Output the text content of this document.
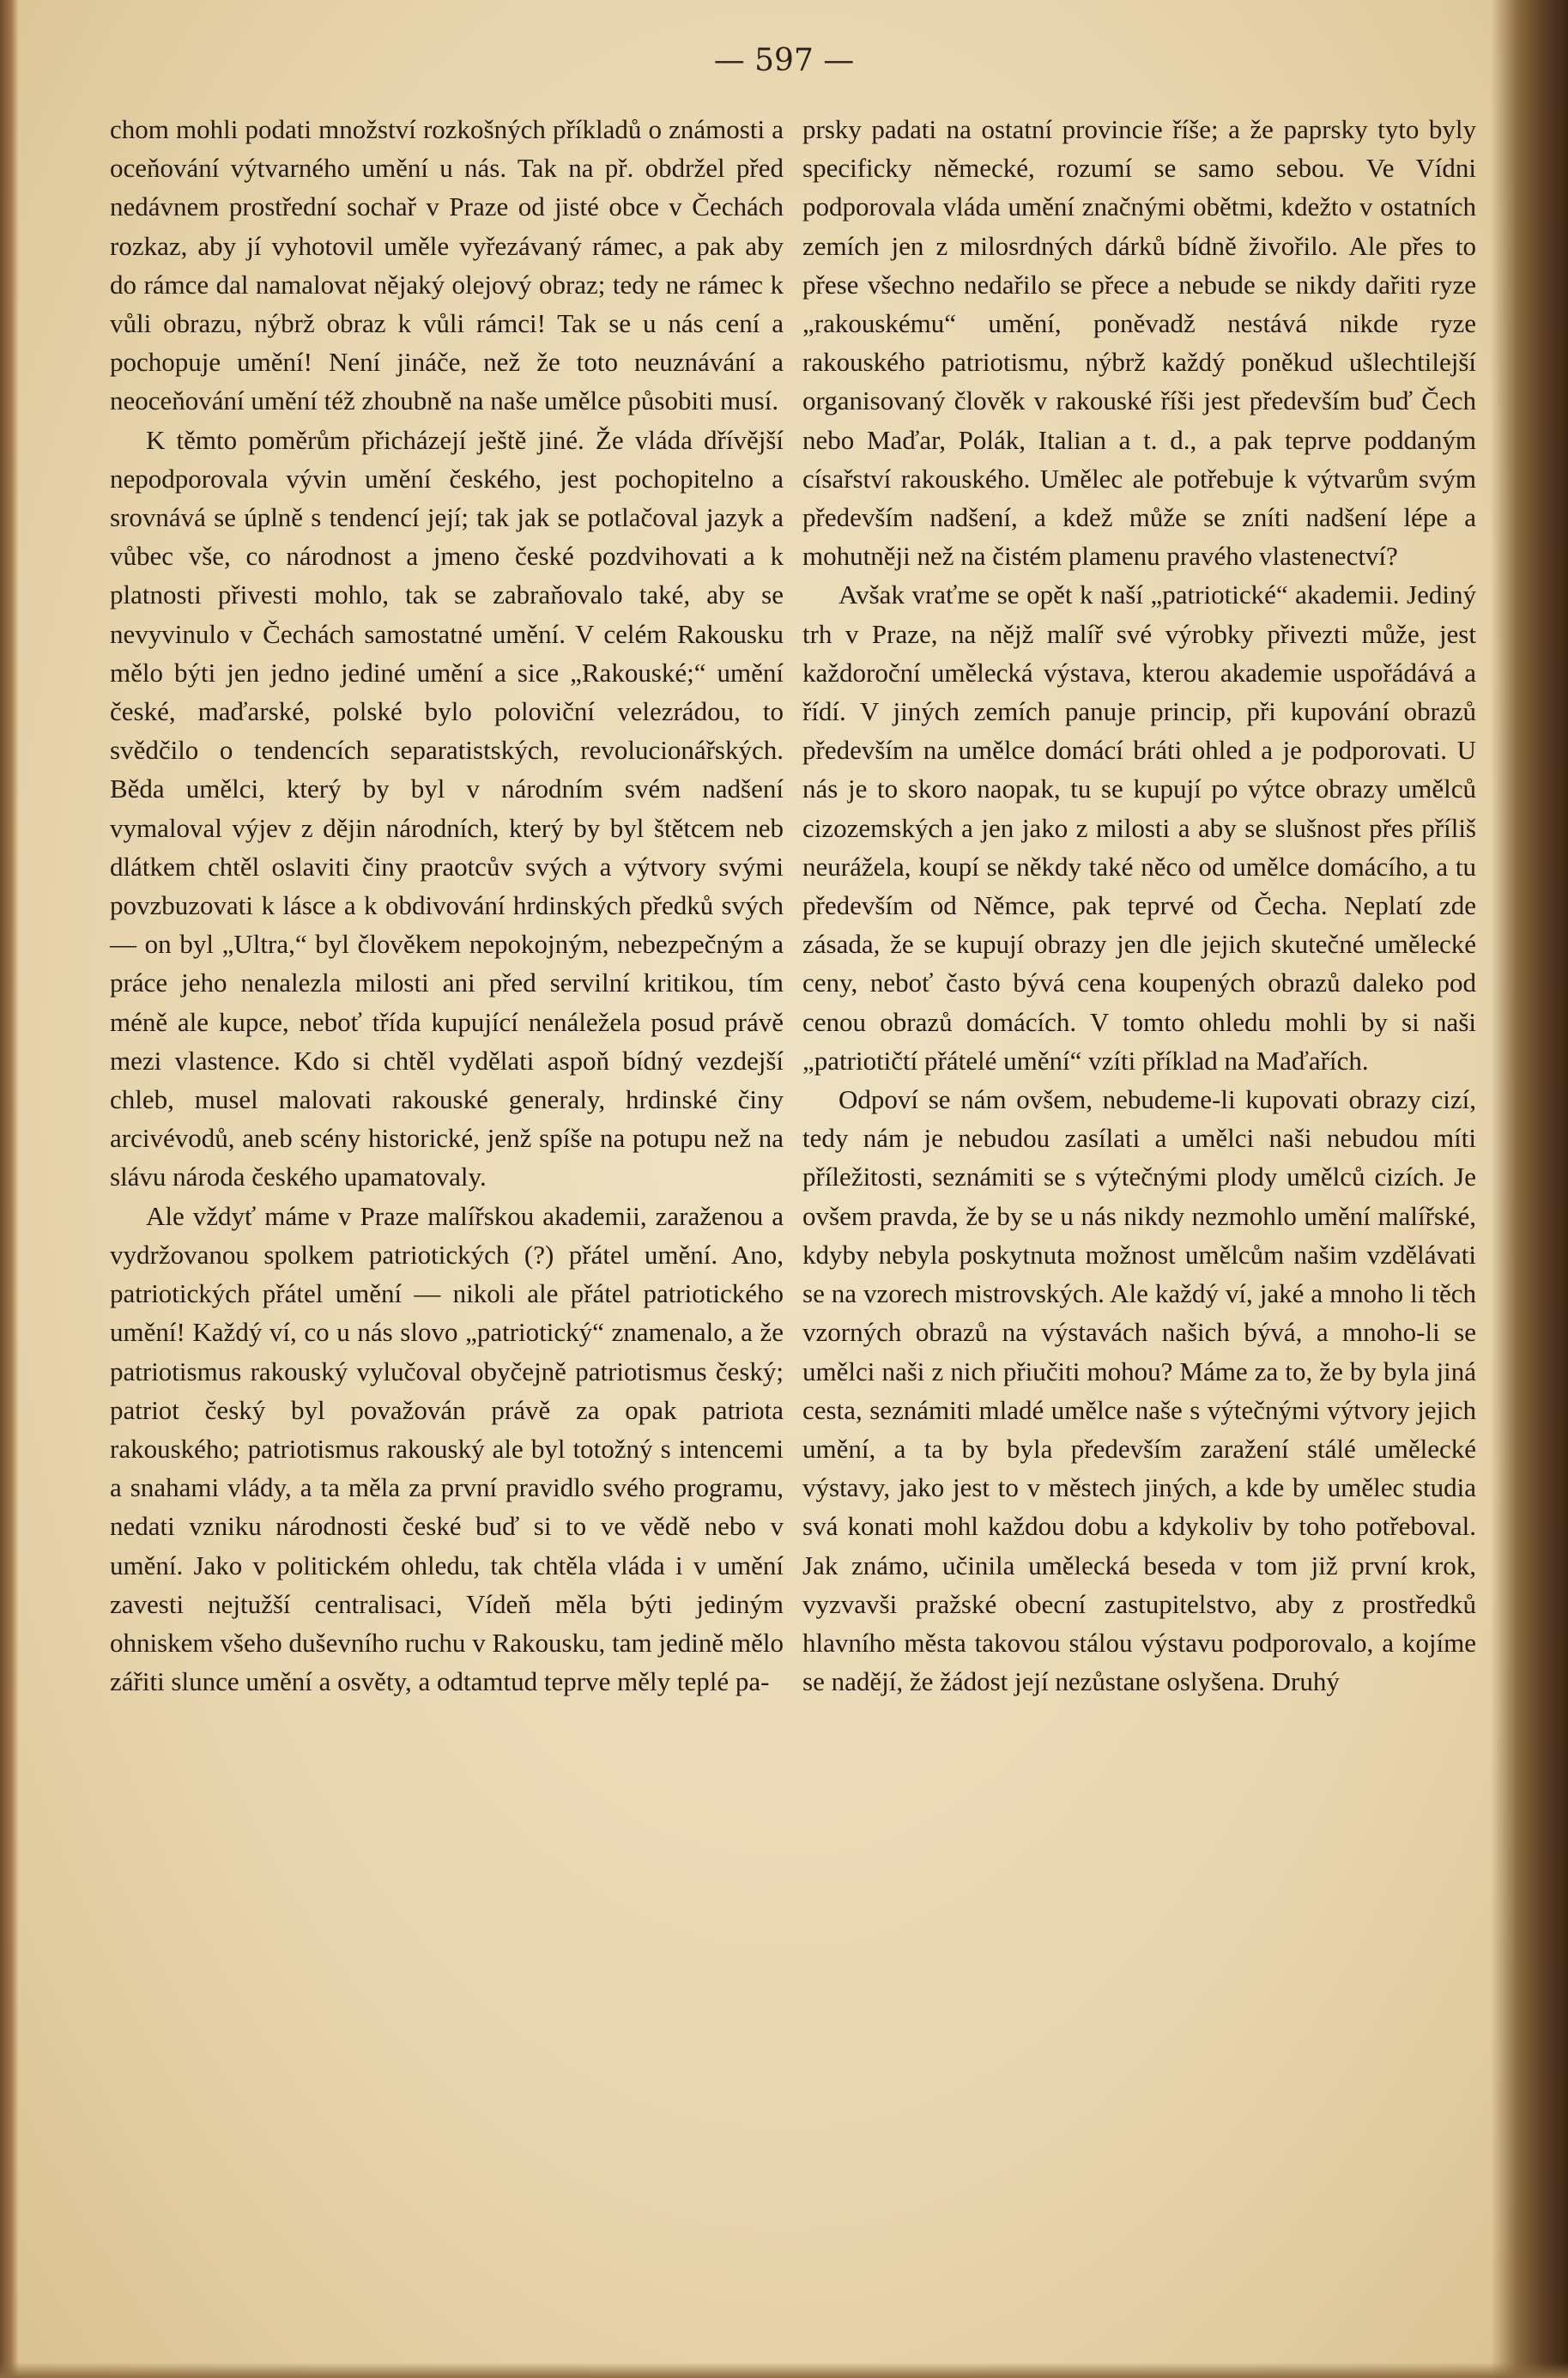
— 597 —

chom mohli podati množství rozkošných příkladů o známosti a oceňování výtvarného umění u nás. Tak na př. obdržel před nedávnem prostřední sochař v Praze od jisté obce v Čechách rozkaz, aby jí vyhotovil uměle vyřezávaný rámec, a pak aby do rámce dal namalovat nějaký olejový obraz; tedy ne rámec k vůli obrazu, nýbrž obraz k vůli rámci! Tak se u nás cení a pochopuje umění! Není jináče, než že toto neuznávání a neoceňování umění též zhoubně na naše umělce působiti musí.

K těmto poměrům přicházejí ještě jiné. Že vláda dřívější nepodporovala vývin umění českého, jest pochopitelno a srovnává se úplně s tendencí její; tak jak se potlačoval jazyk a vůbec vše, co národnost a jmeno české pozdvihovati a k platnosti přivesti mohlo, tak se zabraňovalo také, aby se nevyvinulo v Čechách samostatné umění. V celém Rakousku mělo býti jen jedno jediné umění a sice „Rakouské;“ umění české, maďarské, polské bylo poloviční velezrádou, to svědčilo o tendencích separatistských, revolucionářských. Běda umělci, který by byl v národním svém nadšení vymaloval výjev z dějin národních, který by byl štětcem neb dlátkem chtěl oslaviti činy praotcův svých a výtvory svými povzbuzovati k lásce a k obdivování hrdinských předků svých — on byl „Ultra,“ byl člověkem nepokojným, nebezpečným a práce jeho nenalezla milosti ani před servilní kritikou, tím méně ale kupce, neboť třída kupující nenáležela posud právě mezi vlastence. Kdo si chtěl vydělati aspoň bídný vezdejší chleb, musel malovati rakouské generaly, hrdinské činy arcivévodů, aneb scény historické, jenž spíše na potupu než na slávu národa českého upamatovaly.

Ale vždyť máme v Praze malířskou akademii, zaraženou a vydržovanou spolkem patriotických (?) přátel umění. Ano, patriotických přátel umění — nikoli ale přátel patriotického umění! Každý ví, co u nás slovo „patriotický“ znamenalo, a že patriotismus rakouský vylučoval obyčejně patriotismus český; patriot český byl považován právě za opak patriota rakouského; patriotismus rakouský ale byl totožný s intencemi a snahami vlády, a ta měla za první pravidlo svého programu, nedati vzniku národnosti české buď si to ve vědě nebo v umění. Jako v politickém ohledu, tak chtěla vláda i v umění zavesti nejtužší centralisaci, Vídeň měla býti jediným ohniskem všeho duševního ruchu v Rakousku, tam jedině mělo zářiti slunce umění a osvěty, a odtamtud teprve měly teplé pa-

prsky padati na ostatní provincie říše; a že paprsky tyto byly specificky německé, rozumí se samo sebou. Ve Vídni podporovala vláda umění značnými obětmi, kdežto v ostatních zemích jen z milosrdných dárků bídně živořilo. Ale přes to přese všechno nedařilo se přece a nebude se nikdy dařiti ryze „rakouskému“ umění, poněvadž nestává nikde ryze rakouského patriotismu, nýbrž každý poněkud ušlechtilejší organisovaný člověk v rakouské říši jest především buď Čech nebo Maďar, Polák, Italian a t. d., a pak teprve poddaným císařství rakouského. Umělec ale potřebuje k výtvarům svým především nadšení, a kdež může se zníti nadšení lépe a mohutněji než na čistém plamenu pravého vlastenectví?

Avšak vraťme se opět k naší „patriotické“ akademii. Jediný trh v Praze, na nějž malíř své výrobky přivezti může, jest každoroční umělecká výstava, kterou akademie uspořádává a řídí. V jiných zemích panuje princip, při kupování obrazů především na umělce domácí bráti ohled a je podporovati. U nás je to skoro naopak, tu se kupují po výtce obrazy umělců cizozemských a jen jako z milosti a aby se slušnost přes příliš neurážela, koupí se někdy také něco od umělce domácího, a tu především od Němce, pak teprvé od Čecha. Neplatí zde zásada, že se kupují obrazy jen dle jejich skutečné umělecké ceny, neboť často bývá cena koupených obrazů daleko pod cenou obrazů domácích. V tomto ohledu mohli by si naši „patriotičtí přátelé umění“ vzíti příklad na Maďařích.

Odpoví se nám ovšem, nebudeme-li kupovati obrazy cizí, tedy nám je nebudou zasílati a umělci naši nebudou míti příležitosti, seznámiti se s výtečnými plody umělců cizích. Je ovšem pravda, že by se u nás nikdy nezmohlo umění malířské, kdyby nebyla poskytnuta možnost umělcům našim vzdělávati se na vzorech mistrovských. Ale každý ví, jaké a mnoho li těch vzorných obrazů na výstavách našich bývá, a mnoho-li se umělci naši z nich přiučiti mohou? Máme za to, že by byla jiná cesta, seznámiti mladé umělce naše s výtečnými výtvory jejich umění, a ta by byla především zaražení stálé umělecké výstavy, jako jest to v městech jiných, a kde by umělec studia svá konati mohl každou dobu a kdykoliv by toho potřeboval. Jak známo, učinila umělecká beseda v tom již první krok, vyzvavši pražské obecní zastupitelstvo, aby z prostředků hlavního města takovou stálou výstavu podporovalo, a kojíme se nadějí, že žádost její nezůstane oslyšena. Druhý
